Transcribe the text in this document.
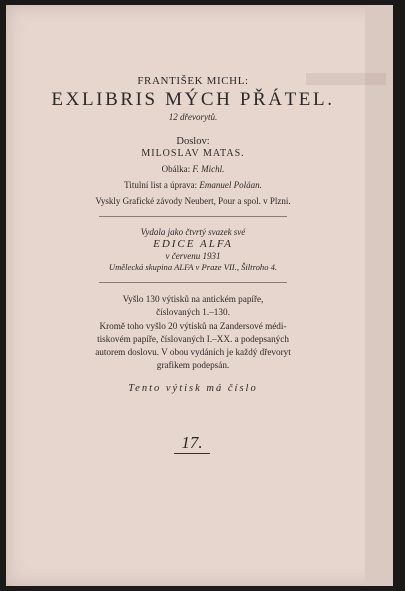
FRANTIŠEK MICHL:
EXLIBRIS MÝCH PŘÁTEL.
12 dřevorytů.
Doslov:
MILOSLAV MATAS.
Obálka: F. Michl.
Titulní list a úprava: Emanuel Poláan.
Vyskly Grafické závody Neubert, Pour a spol. v Plzni.
Vydala jako čtvrtý svazek své
EDICE ALFA
v červenu 1931
Umělecká skupina ALFA v Praze VII., Šiltroho 4.
Vyšlo 130 výtisků na antickém papíře,
číslovaných 1.–130.
Kromě toho vyšlo 20 výtisků na Zandersové médi-
tiskovém papíře, číslovaných I.–XX. a podepsaných
autorem doslovu. V obou vydáních je každý dřevoryt
grafikem podepsán.
Tento výtisk má číslo
17.
